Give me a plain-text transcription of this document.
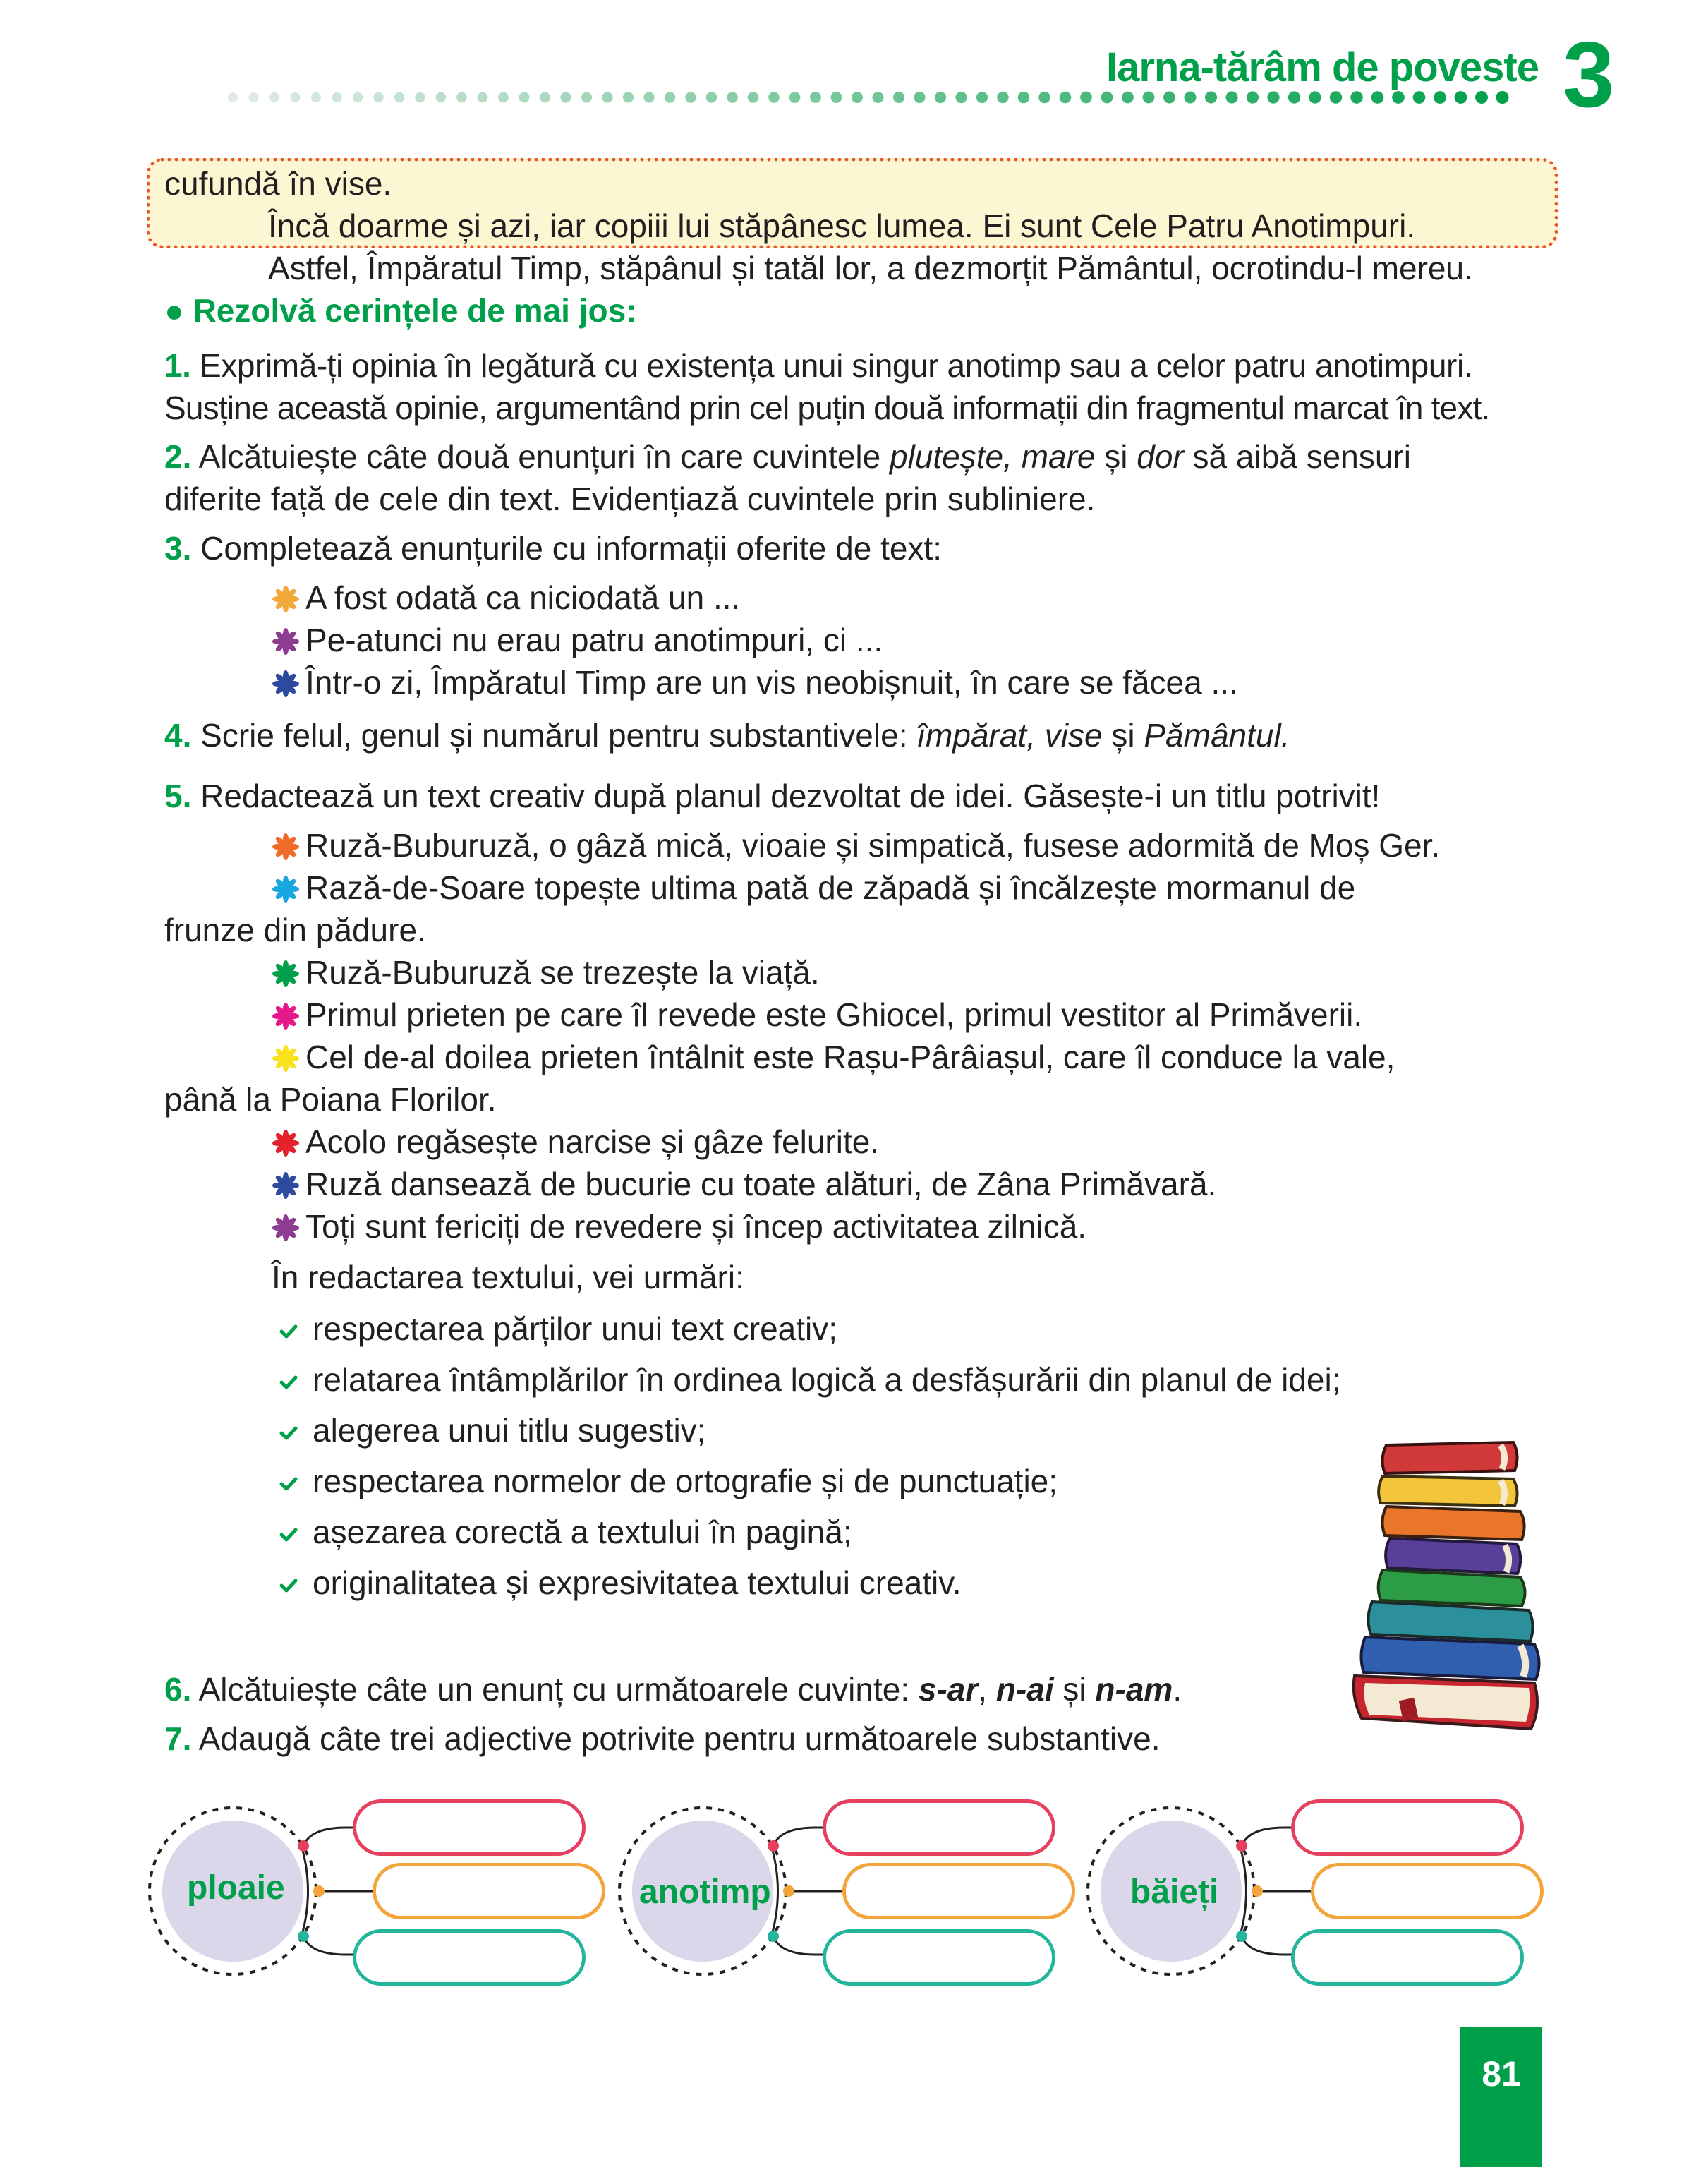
Iarna-tărâm de poveste 3
cufundă în vise.
Încă doarme și azi, iar copiii lui stăpânesc lumea. Ei sunt Cele Patru Anotimpuri.
Astfel, Împăratul Timp, stăpânul și tatăl lor, a dezmorțit Pământul, ocrotindu-l mereu.
● Rezolvă cerințele de mai jos:
1. Exprimă-ți opinia în legătură cu existența unui singur anotimp sau a celor patru anotimpuri.
Susține această opinie, argumentând prin cel puțin două informații din fragmentul marcat în text.
2. Alcătuiește câte două enunțuri în care cuvintele plutește, mare și dor să aibă sensuri
diferite față de cele din text. Evidențiază cuvintele prin subliniere.
3. Completează enunțurile cu informații oferite de text:
A fost odată ca niciodată un ...
Pe-atunci nu erau patru anotimpuri, ci ...
Într-o zi, Împăratul Timp are un vis neobișnuit, în care se făcea ...
4. Scrie felul, genul și numărul pentru substantivele: împărat, vise și Pământul.
5. Redactează un text creativ după planul dezvoltat de idei. Găsește-i un titlu potrivit!
Ruză-Buburuză, o gâză mică, vioaie și simpatică, fusese adormită de Moș Ger.
Rază-de-Soare topește ultima pată de zăpadă și încălzește mormanul de
frunze din pădure.
Ruză-Buburuză se trezește la viață.
Primul prieten pe care îl revede este Ghiocel, primul vestitor al Primăverii.
Cel de-al doilea prieten întâlnit este Rașu-Pârâiașul, care îl conduce la vale,
până la Poiana Florilor.
Acolo regăsește narcise și gâze felurite.
Ruză dansează de bucurie cu toate alături, de Zâna Primăvară.
Toți sunt fericiți de revedere și încep activitatea zilnică.
În redactarea textului, vei urmări:
respectarea părților unui text creativ;
relatarea întâmplărilor în ordinea logică a desfășurării din planul de idei;
alegerea unui titlu sugestiv;
respectarea normelor de ortografie și de punctuație;
așezarea corectă a textului în pagină;
originalitatea și expresivitatea textului creativ.
6. Alcătuiește câte un enunț cu următoarele cuvinte: s-ar, n-ai și n-am.
7. Adaugă câte trei adjective potrivite pentru următoarele substantive.
ploaie	anotimp	băieți
81
